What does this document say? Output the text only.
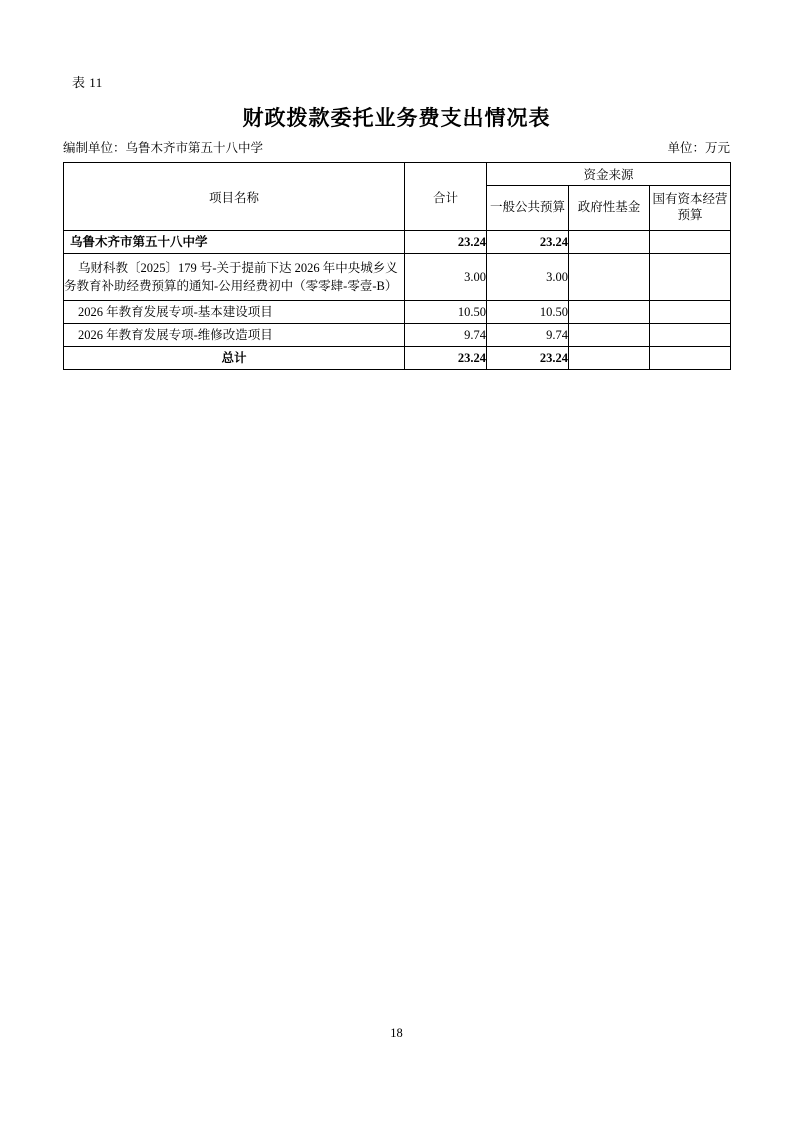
表 11
财政拨款委托业务费支出情况表
编制单位：乌鲁木齐市第五十八中学	单位：万元
项目名称	合计	资金来源		
		一般公共预算	政府性基金	国有资本经营预算
乌鲁木齐市第五十八中学	23.24	23.24		
乌财科教〔2025〕179 号-关于提前下达 2026 年中央城乡义务教育补助经费预算的通知-公用经费初中（零零肆-零壹-B）	3.00	3.00		
2026 年教育发展专项-基本建设项目	10.50	10.50		
2026 年教育发展专项-维修改造项目	9.74	9.74		
总计	23.24	23.24		
18
